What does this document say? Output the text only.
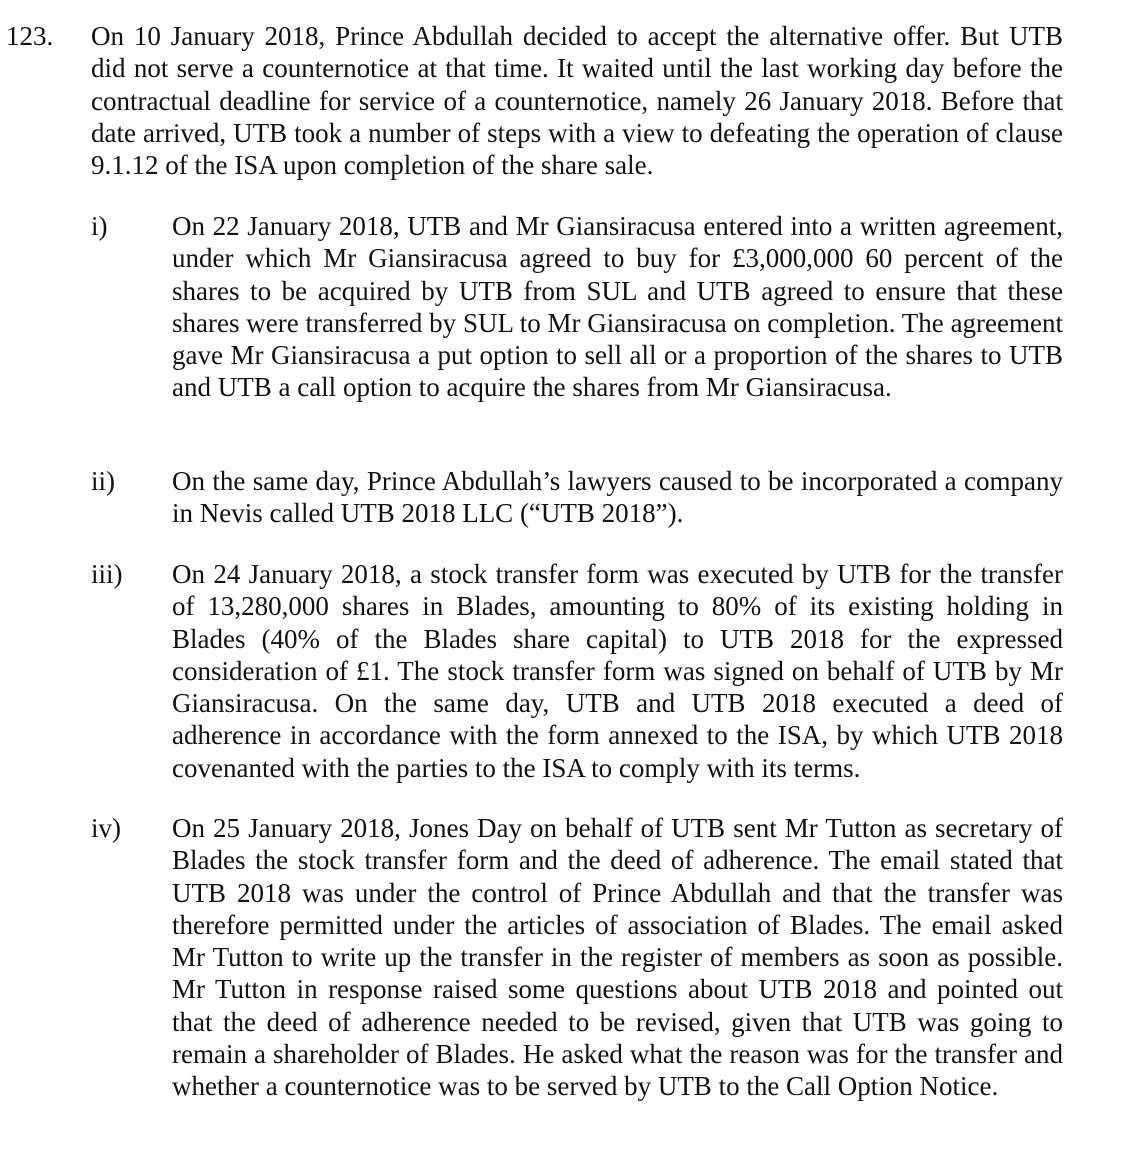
123. On 10 January 2018, Prince Abdullah decided to accept the alternative offer. But UTB did not serve a counternotice at that time. It waited until the last working day before the contractual deadline for service of a counternotice, namely 26 January 2018. Before that date arrived, UTB took a number of steps with a view to defeating the operation of clause 9.1.12 of the ISA upon completion of the share sale.

i) On 22 January 2018, UTB and Mr Giansiracusa entered into a written agreement, under which Mr Giansiracusa agreed to buy for £3,000,000 60 percent of the shares to be acquired by UTB from SUL and UTB agreed to ensure that these shares were transferred by SUL to Mr Giansiracusa on completion. The agreement gave Mr Giansiracusa a put option to sell all or a proportion of the shares to UTB and UTB a call option to acquire the shares from Mr Giansiracusa.

ii) On the same day, Prince Abdullah’s lawyers caused to be incorporated a company in Nevis called UTB 2018 LLC (“UTB 2018”).

iii) On 24 January 2018, a stock transfer form was executed by UTB for the transfer of 13,280,000 shares in Blades, amounting to 80% of its existing holding in Blades (40% of the Blades share capital) to UTB 2018 for the expressed consideration of £1. The stock transfer form was signed on behalf of UTB by Mr Giansiracusa. On the same day, UTB and UTB 2018 executed a deed of adherence in accordance with the form annexed to the ISA, by which UTB 2018 covenanted with the parties to the ISA to comply with its terms.

iv) On 25 January 2018, Jones Day on behalf of UTB sent Mr Tutton as secretary of Blades the stock transfer form and the deed of adherence. The email stated that UTB 2018 was under the control of Prince Abdullah and that the transfer was therefore permitted under the articles of association of Blades. The email asked Mr Tutton to write up the transfer in the register of members as soon as possible. Mr Tutton in response raised some questions about UTB 2018 and pointed out that the deed of adherence needed to be revised, given that UTB was going to remain a shareholder of Blades. He asked what the reason was for the transfer and whether a counternotice was to be served by UTB to the Call Option Notice.
